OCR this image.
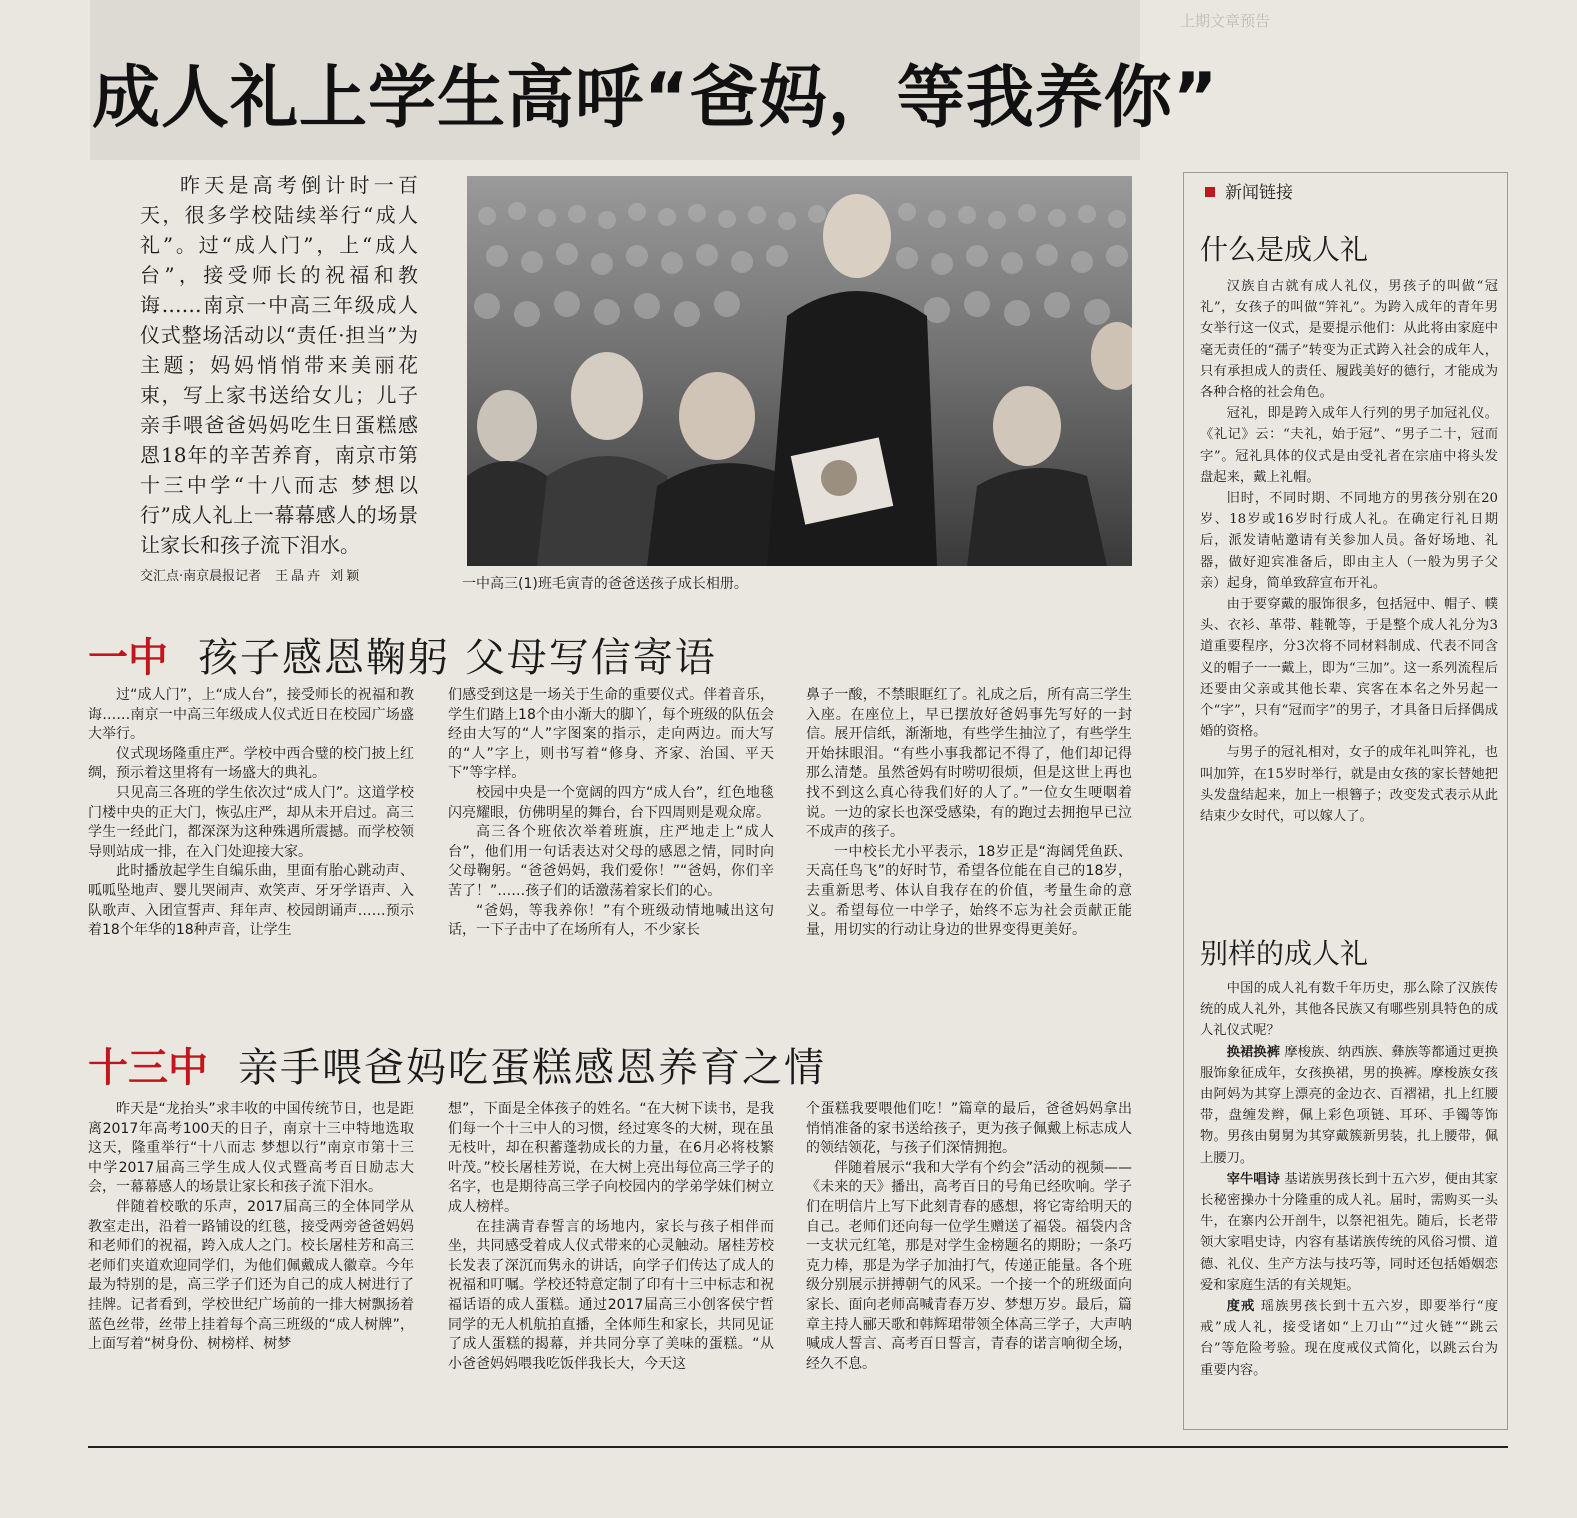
上期文章预告
成人礼上学生高呼“爸妈，等我养你”

昨天是高考倒计时一百天，很多学校陆续举行“成人礼”。过“成人门”，上“成人台”，接受师长的祝福和教诲……南京一中高三年级成人仪式整场活动以“责任·担当”为主题；妈妈悄悄带来美丽花束，写上家书送给女儿；儿子亲手喂爸爸妈妈吃生日蛋糕感恩18年的辛苦养育，南京市第十三中学“十八而志 梦想以行”成人礼上一幕幕感人的场景让家长和孩子流下泪水。

交汇点·南京晨报记者 王晶卉 刘颖	一中高三(1)班毛寅青的爸爸送孩子成长相册。
一中 孩子感恩鞠躬 父母写信寄语

过“成人门”，上“成人台”，接受师长的祝福和教诲……南京一中高三年级成人仪式近日在校园广场盛大举行。

仪式现场隆重庄严。学校中西合璧的校门披上红绸，预示着这里将有一场盛大的典礼。

只见高三各班的学生依次过“成人门”。这道学校门楼中央的正大门，恢弘庄严，却从未开启过。高三学生一经此门，都深深为这种殊遇所震撼。而学校领导则站成一排，在入门处迎接大家。

此时播放起学生自编乐曲，里面有胎心跳动声、呱呱坠地声、婴儿哭闹声、欢笑声、牙牙学语声、入队歌声、入团宣誓声、拜年声、校园朗诵声……预示着18个年华的18种声音，让学生

们感受到这是一场关于生命的重要仪式。伴着音乐，学生们踏上18个由小渐大的脚丫，每个班级的队伍会经由大写的“人”字图案的指示，走向两边。而大写的“人”字上，则书写着“修身、齐家、治国、平天下”等字样。

校园中央是一个宽阔的四方“成人台”，红色地毯闪亮耀眼，仿佛明星的舞台，台下四周则是观众席。

高三各个班依次举着班旗，庄严地走上“成人台”，他们用一句话表达对父母的感恩之情，同时向父母鞠躬。“爸爸妈妈，我们爱你！”“爸妈，你们辛苦了！”……孩子们的话激荡着家长们的心。

“爸妈，等我养你！”有个班级动情地喊出这句话，一下子击中了在场所有人，不少家长

鼻子一酸，不禁眼眶红了。礼成之后，所有高三学生入座。在座位上，早已摆放好爸妈事先写好的一封信。展开信纸，渐渐地，有些学生抽泣了，有些学生开始抹眼泪。“有些小事我都记不得了，他们却记得那么清楚。虽然爸妈有时唠叨很烦，但是这世上再也找不到这么真心待我们好的人了。”一位女生哽咽着说。一边的家长也深受感染，有的跑过去拥抱早已泣不成声的孩子。

一中校长尤小平表示，18岁正是“海阔凭鱼跃、天高任鸟飞”的好时节，希望各位能在自己的18岁，去重新思考、体认自我存在的价值，考量生命的意义。希望每位一中学子，始终不忘为社会贡献正能量，用切实的行动让身边的世界变得更美好。

十三中 亲手喂爸妈吃蛋糕感恩养育之情

昨天是“龙抬头”求丰收的中国传统节日，也是距离2017年高考100天的日子，南京十三中特地选取这天，隆重举行“十八而志 梦想以行”南京市第十三中学2017届高三学生成人仪式暨高考百日励志大会，一幕幕感人的场景让家长和孩子流下泪水。

伴随着校歌的乐声，2017届高三的全体同学从教室走出，沿着一路铺设的红毯，接受两旁爸爸妈妈和老师们的祝福，跨入成人之门。校长屠桂芳和高三老师们夹道欢迎同学们，为他们佩戴成人徽章。今年最为特别的是，高三学子们还为自己的成人树进行了挂牌。记者看到，学校世纪广场前的一排大树飘扬着蓝色丝带，丝带上挂着每个高三班级的“成人树牌”，上面写着“树身份、树榜样、树梦

想”，下面是全体孩子的姓名。“在大树下读书，是我们每一个十三中人的习惯，经过寒冬的大树，现在虽无枝叶，却在积蓄蓬勃成长的力量，在6月必将枝繁叶茂。”校长屠桂芳说，在大树上亮出每位高三学子的名字，也是期待高三学子向校园内的学弟学妹们树立成人榜样。

在挂满青春誓言的场地内，家长与孩子相伴而坐，共同感受着成人仪式带来的心灵触动。屠桂芳校长发表了深沉而隽永的讲话，向学子们传达了成人的祝福和叮嘱。学校还特意定制了印有十三中标志和祝福话语的成人蛋糕。通过2017届高三小创客侯宁哲同学的无人机航拍直播，全体师生和家长，共同见证了成人蛋糕的揭幕，并共同分享了美味的蛋糕。“从小爸爸妈妈喂我吃饭伴我长大，今天这

个蛋糕我要喂他们吃！”篇章的最后，爸爸妈妈拿出悄悄准备的家书送给孩子，更为孩子佩戴上标志成人的领结领花，与孩子们深情拥抱。

伴随着展示“我和大学有个约会”活动的视频——《未来的天》播出，高考百日的号角已经吹响。学子们在明信片上写下此刻青春的感想，将它寄给明天的自己。老师们还向每一位学生赠送了福袋。福袋内含一支状元红笔，那是对学生金榜题名的期盼；一条巧克力棒，那是为学子加油打气，传递正能量。各个班级分别展示拼搏朝气的风采。一个接一个的班级面向家长、面向老师高喊青春万岁、梦想万岁。最后，篇章主持人郦天歌和韩辉珺带领全体高三学子，大声呐喊成人誓言、高考百日誓言，青春的诺言响彻全场，经久不息。

新闻链接
什么是成人礼

汉族自古就有成人礼仪，男孩子的叫做“冠礼”，女孩子的叫做“笄礼”。为跨入成年的青年男女举行这一仪式，是要提示他们：从此将由家庭中毫无责任的“孺子”转变为正式跨入社会的成年人，只有承担成人的责任、履践美好的德行，才能成为各种合格的社会角色。

冠礼，即是跨入成年人行列的男子加冠礼仪。《礼记》云：“夫礼，始于冠”、“男子二十，冠而字”。冠礼具体的仪式是由受礼者在宗庙中将头发盘起来，戴上礼帽。

旧时，不同时期、不同地方的男孩分别在20岁、18岁或16岁时行成人礼。在确定行礼日期后，派发请帖邀请有关参加人员。备好场地、礼器，做好迎宾准备后，即由主人（一般为男子父亲）起身，简单致辞宣布开礼。

由于要穿戴的服饰很多，包括冠中、帽子、幞头、衣衫、革带、鞋靴等，于是整个成人礼分为3道重要程序，分3次将不同材料制成、代表不同含义的帽子一一戴上，即为“三加”。这一系列流程后还要由父亲或其他长辈、宾客在本名之外另起一个“字”，只有“冠而字”的男子，才具备日后择偶成婚的资格。

与男子的冠礼相对，女子的成年礼叫笄礼，也叫加笄，在15岁时举行，就是由女孩的家长替她把头发盘结起来，加上一根簪子；改变发式表示从此结束少女时代，可以嫁人了。

别样的成人礼

中国的成人礼有数千年历史，那么除了汉族传统的成人礼外，其他各民族又有哪些别具特色的成人礼仪式呢？

换裙换裤 摩梭族、纳西族、彝族等都通过更换服饰象征成年，女孩换裙，男的换裤。摩梭族女孩由阿妈为其穿上漂亮的金边衣、百褶裙，扎上红腰带，盘缠发辫，佩上彩色项链、耳环、手镯等饰物。男孩由舅舅为其穿戴簇新男装，扎上腰带，佩上腰刀。

宰牛唱诗 基诺族男孩长到十五六岁，便由其家长秘密操办十分隆重的成人礼。届时，需购买一头牛，在寨内公开剖牛，以祭祀祖先。随后，长老带领大家唱史诗，内容有基诺族传统的风俗习惯、道德、礼仪、生产方法与技巧等，同时还包括婚姻恋爱和家庭生活的有关规矩。

度戒 瑶族男孩长到十五六岁，即要举行“度戒”成人礼，接受诸如“上刀山”“过火链”“跳云台”等危险考验。现在度戒仪式简化，以跳云台为重要内容。
